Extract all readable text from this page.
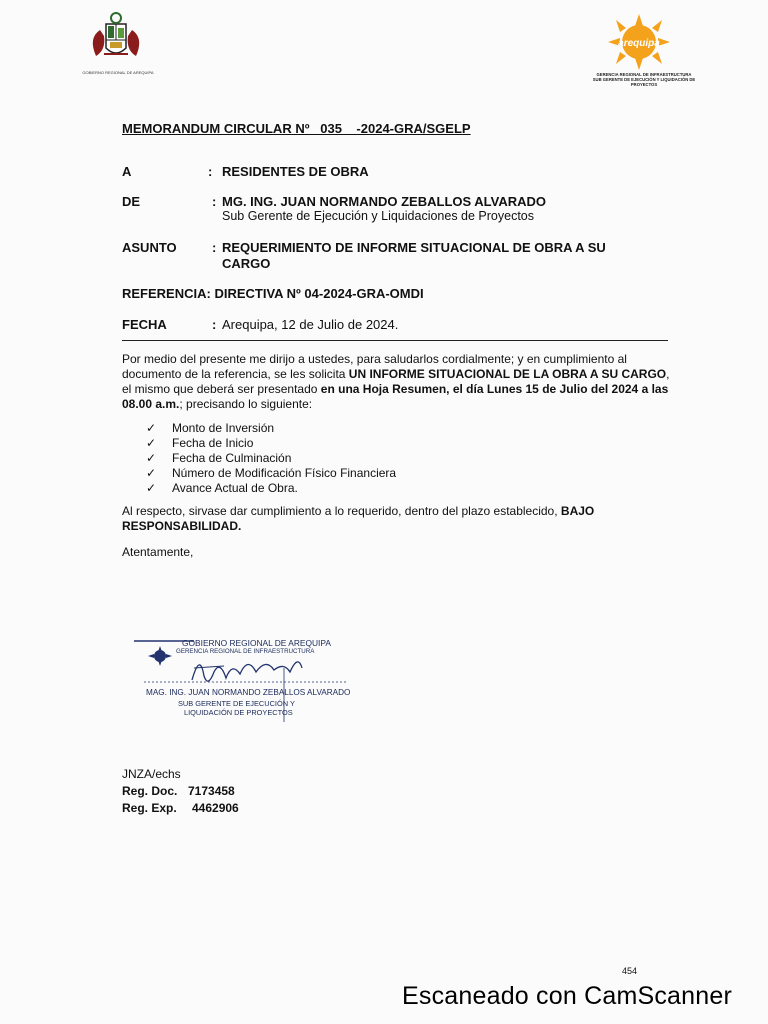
GOBIERNO REGIONAL DE AREQUIPA
arequipa
GERENCIA REGIONAL DE INFRAESTRUCTURA SUB GERENTE DE EJECUCIÓN Y LIQUIDACIÓN DE PROYECTOS
MEMORANDUM CIRCULAR Nº   035    -2024-GRA/SGELP
A	: RESIDENTES DE OBRA
DE	: MG. ING. JUAN NORMANDO ZEBALLOS ALVARADO
Sub Gerente de Ejecución y Liquidaciones de Proyectos
ASUNTO	: REQUERIMIENTO DE INFORME SITUACIONAL DE OBRA A SU
CARGO
REFERENCIA: DIRECTIVA Nº 04-2024-GRA-OMDI
FECHA	: Arequipa, 12 de Julio de 2024.
Por medio del presente me dirijo a ustedes, para saludarlos cordialmente; y en cumplimiento al documento de la referencia, se les solicita UN INFORME SITUACIONAL DE LA OBRA A SU CARGO, el mismo que deberá ser presentado en una Hoja Resumen, el día Lunes 15 de Julio del 2024 a las 08.00 a.m.; precisando lo siguiente:
✓	Monto de Inversión
✓	Fecha de Inicio
✓	Fecha de Culminación
✓	Número de Modificación Físico Financiera
✓	Avance Actual de Obra.
Al respecto, sirvase dar cumplimiento a lo requerido, dentro del plazo establecido, BAJO RESPONSABILIDAD.
Atentamente,
GOBIERNO REGIONAL DE AREQUIPA
GERENCIA REGIONAL DE INFRAESTRUCTURA
MAG. ING. JUAN NORMANDO ZEBALLOS ALVARADO
SUB GERENTE DE EJECUCIÓN Y
LIQUIDACIÓN DE PROYECTOS
JNZA/echs
Reg. Doc. 7173458
Reg. Exp. 4462906
454
Escaneado con CamScanner
